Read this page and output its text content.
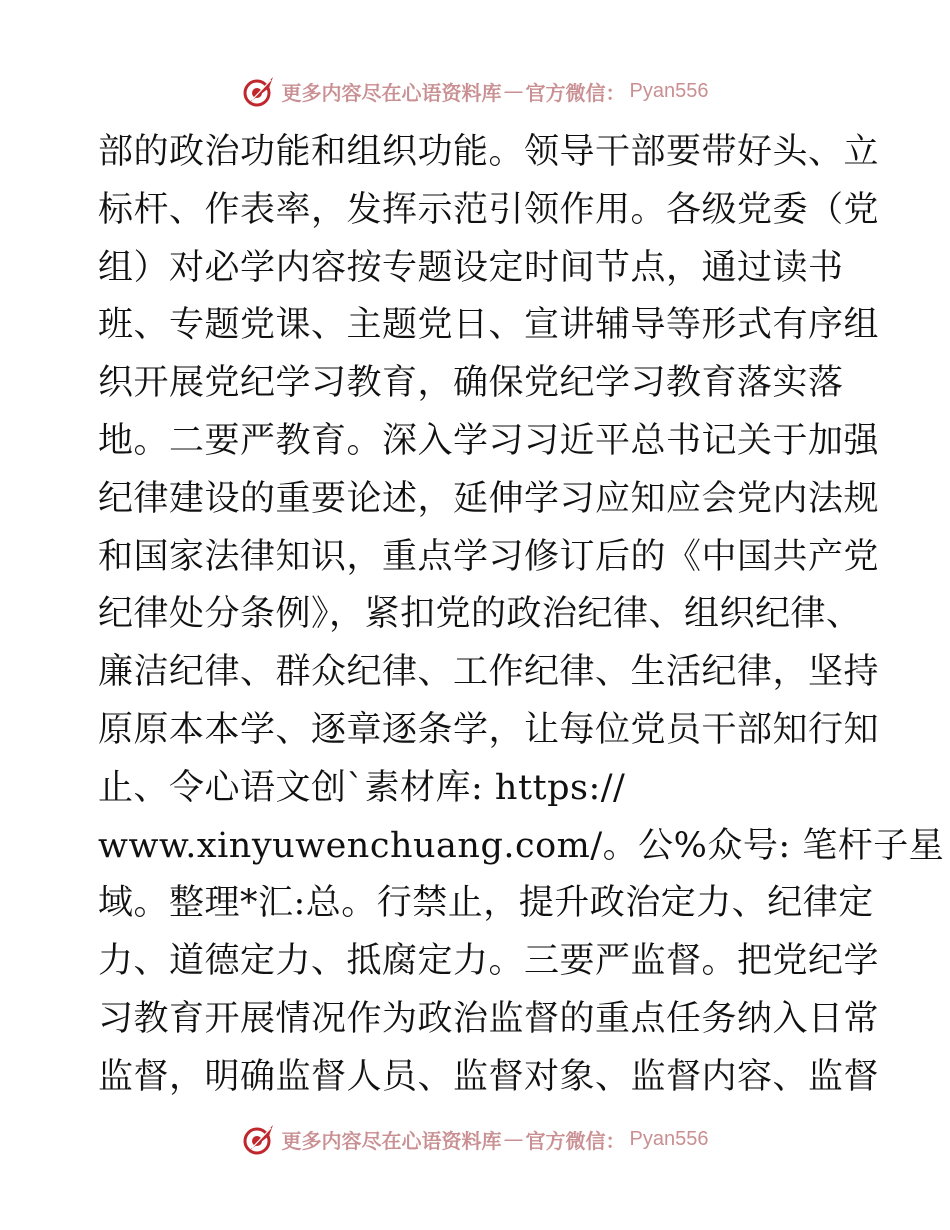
更多内容尽在心语资料库 — 官方微信： Pyan556
部的政治功能和组织功能。领导干部要带好头、立
标杆、作表率，发挥示范引领作用。各级党委（党
组）对必学内容按专题设定时间节点，通过读书
班、专题党课、主题党日、宣讲辅导等形式有序组
织开展党纪学习教育，确保党纪学习教育落实落
地。二要严教育。深入学习习近平总书记关于加强
纪律建设的重要论述，延伸学习应知应会党内法规
和国家法律知识，重点学习修订后的《中国共产党
纪律处分条例》，紧扣党的政治纪律、组织纪律、
廉洁纪律、群众纪律、工作纪律、生活纪律，坚持
原原本本学、逐章逐条学，让每位党员干部知行知
止、令心语文创`素材库: https://
www.xinyuwenchuang.com/。公%众号: 笔杆子星
域。整理*汇:总。行禁止，提升政治定力、纪律定
力、道德定力、抵腐定力。三要严监督。把党纪学
习教育开展情况作为政治监督的重点任务纳入日常
监督，明确监督人员、监督对象、监督内容、监督
更多内容尽在心语资料库 — 官方微信： Pyan556
